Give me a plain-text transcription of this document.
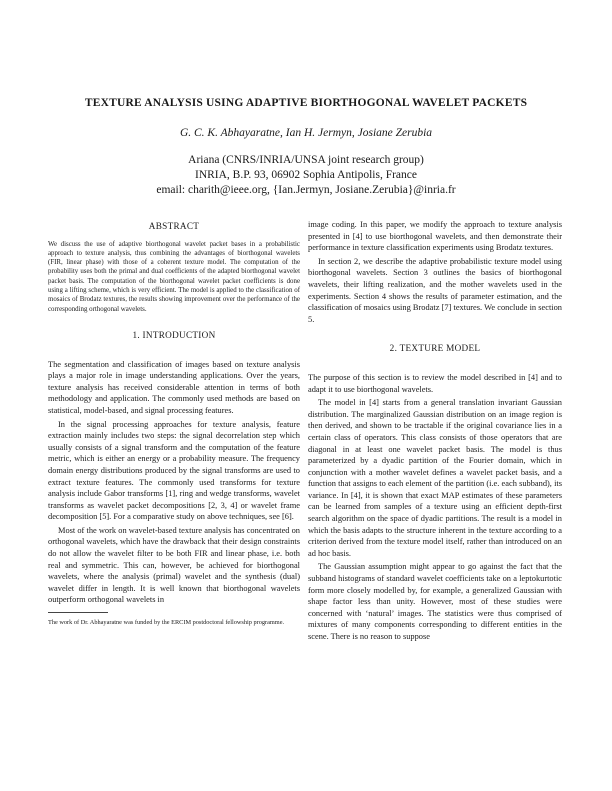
TEXTURE ANALYSIS USING ADAPTIVE BIORTHOGONAL WAVELET PACKETS
G. C. K. Abhayaratne, Ian H. Jermyn, Josiane Zerubia
Ariana (CNRS/INRIA/UNSA joint research group)
INRIA, B.P. 93, 06902 Sophia Antipolis, France
email: charith@ieee.org, {Ian.Jermyn, Josiane.Zerubia}@inria.fr
ABSTRACT

We discuss the use of adaptive biorthogonal wavelet packet bases in a probabilistic approach to texture analysis, thus combining the advantages of biorthogonal wavelets (FIR, linear phase) with those of a coherent texture model. The computation of the probability uses both the primal and dual coefficients of the adapted biorthogonal wavelet packet basis. The computation of the biorthogonal wavelet packet coefficients is done using a lifting scheme, which is very efficient. The model is applied to the classification of mosaics of Brodatz textures, the results showing improvement over the performance of the corresponding orthogonal wavelets.

1. INTRODUCTION

The segmentation and classification of images based on texture analysis plays a major role in image understanding applications. Over the years, texture analysis has received considerable attention in terms of both methodology and application. The commonly used methods are based on statistical, model-based, and signal processing features.

In the signal processing approaches for texture analysis, feature extraction mainly includes two steps: the signal decorrelation step which usually consists of a signal transform and the computation of the feature metric, which is either an energy or a probability measure. The frequency domain energy distributions produced by the signal transforms are used to extract texture features. The commonly used transforms for texture analysis include Gabor transforms [1], ring and wedge transforms, wavelet transforms as wavelet packet decompositions [2, 3, 4] or wavelet frame decomposition [5]. For a comparative study on above techniques, see [6].

Most of the work on wavelet-based texture analysis has concentrated on orthogonal wavelets, which have the drawback that their design constraints do not allow the wavelet filter to be both FIR and linear phase, i.e. both real and symmetric. This can, however, be achieved for biorthogonal wavelets, where the analysis (primal) wavelet and the synthesis (dual) wavelet differ in length. It is well known that biorthogonal wavelets outperform orthogonal wavelets in

The work of Dr. Abhayaratne was funded by the ERCIM postdoctoral fellowship programme.

image coding. In this paper, we modify the approach to texture analysis presented in [4] to use biorthogonal wavelets, and then demonstrate their performance in texture classification experiments using Brodatz textures.

In section 2, we describe the adaptive probabilistic texture model using biorthogonal wavelets. Section 3 outlines the basics of biorthogonal wavelets, their lifting realization, and the mother wavelets used in the experiments. Section 4 shows the results of parameter estimation, and the classification of mosaics using Brodatz [7] textures. We conclude in section 5.

2. TEXTURE MODEL

The purpose of this section is to review the model described in [4] and to adapt it to use biorthogonal wavelets.

The model in [4] starts from a general translation invariant Gaussian distribution. The marginalized Gaussian distribution on an image region is then derived, and shown to be tractable if the original covariance lies in a certain class of operators. This class consists of those operators that are diagonal in at least one wavelet packet basis. The model is thus parameterized by a dyadic partition of the Fourier domain, which in conjunction with a mother wavelet defines a wavelet packet basis, and a function that assigns to each element of the partition (i.e. each subband), its variance. In [4], it is shown that exact MAP estimates of these parameters can be learned from samples of a texture using an efficient depth-first search algorithm on the space of dyadic partitions. The result is a model in which the basis adapts to the structure inherent in the texture according to a criterion derived from the texture model itself, rather than introduced on an ad hoc basis.

The Gaussian assumption might appear to go against the fact that the subband histograms of standard wavelet coefficients take on a leptokurtotic form more closely modelled by, for example, a generalized Gaussian with shape factor less than unity. However, most of these studies were concerned with ‘natural’ images. The statistics were thus comprised of mixtures of many components corresponding to different entities in the scene. There is no reason to suppose
